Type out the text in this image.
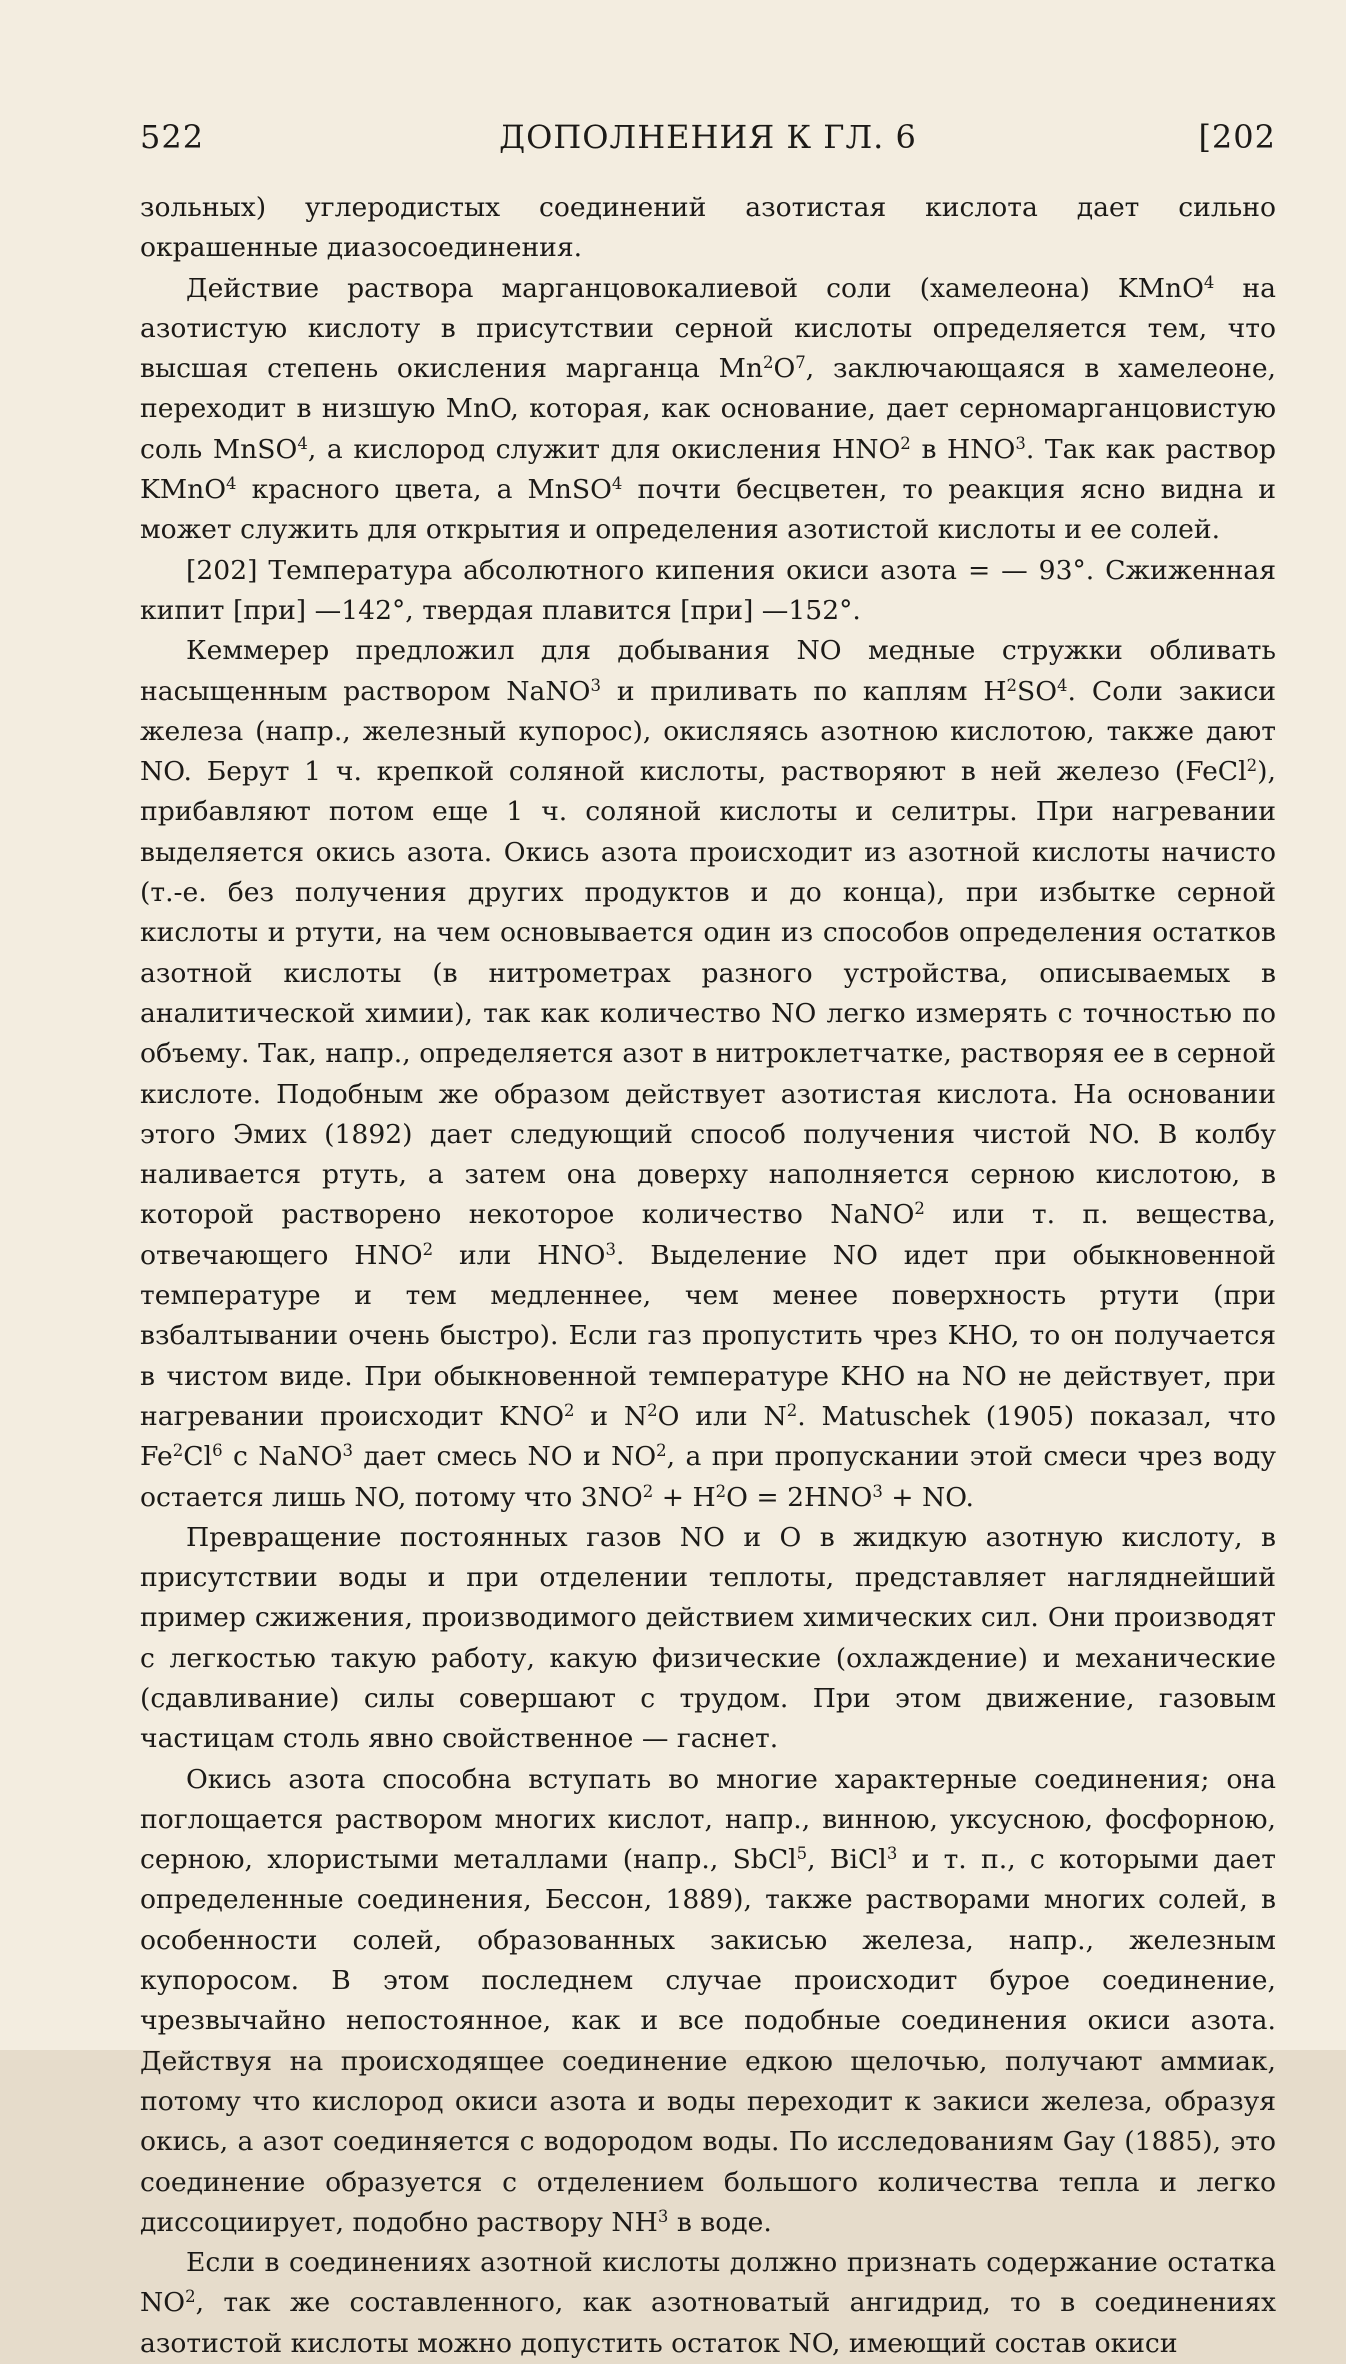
522	ДОПОЛНЕНИЯ К ГЛ. 6	[202

зольных) углеродистых соединений азотистая кислота дает сильно окрашенные диазосоединения.

Действие раствора марганцовокалиевой соли (хамелеона) KMnO$^4$ на азотистую кислоту в присутствии серной кислоты определяется тем, что высшая степень окисления марганца $Mn^2O^7$, заключающаяся в хамелеоне, переходит в низшую MnO, которая, как основание, дает серномарганцовистую соль MnSO$^4$, а кислород служит для окисления HNO$^2$ в HNO$^3$. Так как раствор KMnO$^4$ красного цвета, а MnSO$^4$ почти бесцветен, то реакция ясно видна и может служить для открытия и определения азотистой кислоты и ее солей.

[202] Температура абсолютного кипения окиси азота = — 93°. Сжиженная кипит [при] —142°, твердая плавится [при] —152°.

Кеммерер предложил для добывания NO медные стружки обливать насыщенным раствором NaNO$^3$ и приливать по каплям $H^2SO^4$. Соли закиси железа (напр., железный купорос), окисляясь азотною кислотою, также дают NO. Берут 1 ч. крепкой соляной кислоты, растворяют в ней железо (FeCl$^2$), прибавляют потом еще 1 ч. соляной кислоты и селитры. При нагревании выделяется окись азота. Окись азота происходит из азотной кислоты начисто (т.-е. без получения других продуктов и до конца), при избытке серной кислоты и ртути, на чем основывается один из способов определения остатков азотной кислоты (в нитрометрах разного устройства, описываемых в аналитической химии), так как количество NO легко измерять с точностью по объему. Так, напр., определяется азот в нитроклетчатке, растворяя ее в серной кислоте. Подобным же образом действует азотистая кислота. На основании этого Эмих (1892) дает следующий способ получения чистой NO. В колбу наливается ртуть, а затем она доверху наполняется серною кислотою, в которой растворено некоторое количество NaNO$^2$ или т. п. вещества, отвечающего HNO$^2$ или HNO$^3$. Выделение NO идет при обыкновенной температуре и тем медленнее, чем менее поверхность ртути (при взбалтывании очень быстро). Если газ пропустить чрез KHO, то он получается в чистом виде. При обыкновенной температуре KHO на NO не действует, при нагревании происходит KNO$^2$ и $N^2O$ или $N^2$. Matuschek (1905) показал, что Fe$^2$Cl$^6$ с NaNO$^3$ дает смесь NO и $NO^2$, а при пропускании этой смеси чрез воду остается лишь NO, потому что $3NO^2 + H^2O = 2HNO^3$ + NO.

Превращение постоянных газов NO и O в жидкую азотную кислоту, в присутствии воды и при отделении теплоты, представляет нагляднейший пример сжижения, производимого действием химических сил. Они производят с легкостью такую работу, какую физические (охлаждение) и механические (сдавливание) силы совершают с трудом. При этом движение, газовым частицам столь явно свойственное — гаснет.

Окись азота способна вступать во многие характерные соединения; она поглощается раствором многих кислот, напр., винною, уксусною, фосфорною, серною, хлористыми металлами (напр., SbCl$^5$, BiCl$^3$ и т. п., с которыми дает определенные соединения, Бессон, 1889), также растворами многих солей, в особенности солей, образованных закисью железа, напр., железным купоросом. В этом последнем случае происходит бурое соединение, чрезвычайно непостоянное, как и все подобные соединения окиси азота. Действуя на происходящее соединение едкою щелочью, получают аммиак, потому что кислород окиси азота и воды переходит к закиси железа, образуя окись, а азот соединяется с водородом воды. По исследованиям Gay (1885), это соединение образуется с отделением большого количества тепла и легко диссоциирует, подобно раствору $NH^3$ в воде.

Если в соединениях азотной кислоты должно признать содержание остатка $NO^2$, так же составленного, как азотноватый ангидрид, то в соединениях азотистой кислоты можно допустить остаток NO, имеющий состав окиси
